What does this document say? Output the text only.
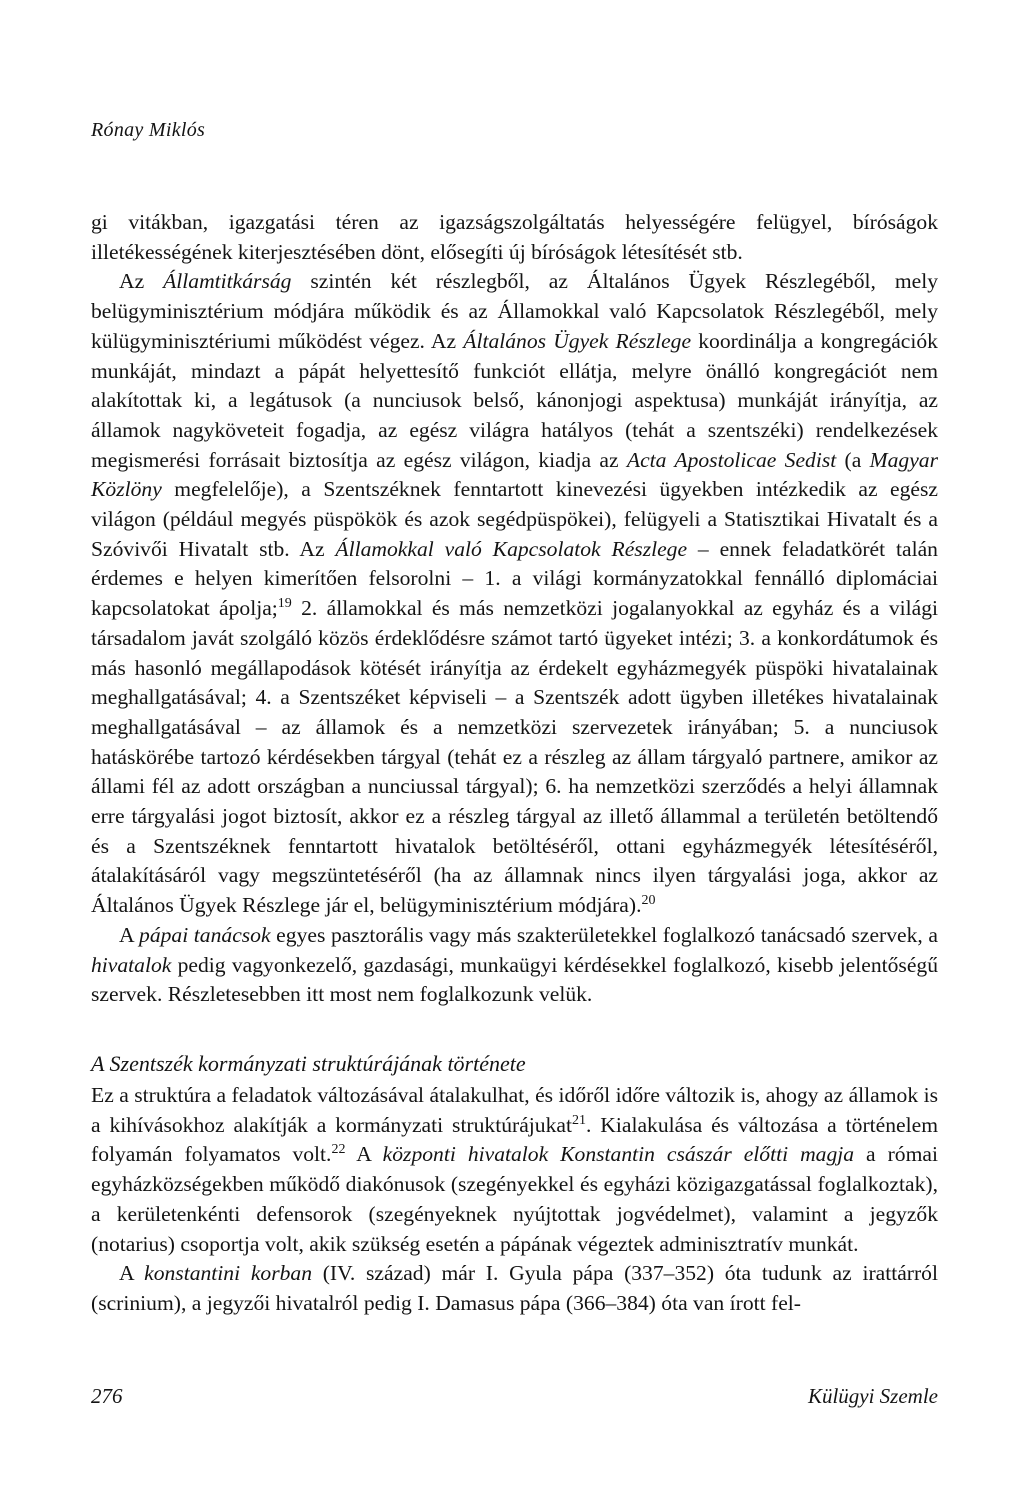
Rónay Miklós

gi vitákban, igazgatási téren az igazságszolgáltatás helyességére felügyel, bíróságok illetékességének kiterjesztésében dönt, elősegíti új bíróságok létesítését stb.
Az Államtitkárság szintén két részlegből, az Általános Ügyek Részlegéből, mely belügyminisztérium módjára működik és az Államokkal való Kapcsolatok Részlegéből, mely külügyminisztériumi működést végez. Az Általános Ügyek Részlege koordinálja a kongregációk munkáját, mindazt a pápát helyettesítő funkciót ellátja, melyre önálló kongregációt nem alakítottak ki, a legátusok (a nunciusok belső, kánonjogi aspektusa) munkáját irányítja, az államok nagyköveteit fogadja, az egész világra hatályos (tehát a szentszéki) rendelkezések megismerési forrásait biztosítja az egész világon, kiadja az Acta Apostolicae Sedist (a Magyar Közlöny megfelelője), a Szentszéknek fenntartott kinevezési ügyekben intézkedik az egész világon (például megyés püspökök és azok segédpüspökei), felügyeli a Statisztikai Hivatalt és a Szóvivői Hivatalt stb. Az Államokkal való Kapcsolatok Részlege – ennek feladatkörét talán érdemes e helyen kimerítően felsorolni – 1. a világi kormányzatokkal fennálló diplomáciai kapcsolatokat ápolja;$^{19}$ 2. államokkal és más nemzetközi jogalanyokkal az egyház és a világi társadalom javát szolgáló közös érdeklődésre számot tartó ügyeket intézi; 3. a konkordátumok és más hasonló megállapodások kötését irányítja az érdekelt egyházmegyék püspöki hivatalainak meghallgatásával; 4. a Szentszéket képviseli – a Szentszék adott ügyben illetékes hivatalainak meghallgatásával – az államok és a nemzetközi szervezetek irányában; 5. a nunciusok hatáskörébe tartozó kérdésekben tárgyal (tehát ez a részleg az állam tárgyaló partnere, amikor az állami fél az adott országban a nunciussal tárgyal); 6. ha nemzetközi szerződés a helyi államnak erre tárgyalási jogot biztosít, akkor ez a részleg tárgyal az illető állammal a területén betöltendő és a Szentszéknek fenntartott hivatalok betöltéséről, ottani egyházmegyék létesítéséről, átalakításáról vagy megszüntetéséről (ha az államnak nincs ilyen tárgyalási joga, akkor az Általános Ügyek Részlege jár el, belügyminisztérium módjára).$^{20}$

A pápai tanácsok egyes pasztorális vagy más szakterületekkel foglalkozó tanácsadó szervek, a hivatalok pedig vagyonkezelő, gazdasági, munkaügyi kérdésekkel foglalkozó, kisebb jelentőségű szervek. Részletesebben itt most nem foglalkozunk velük.

A Szentszék kormányzati struktúrájának története

Ez a struktúra a feladatok változásával átalakulhat, és időről időre változik is, ahogy az államok is a kihívásokhoz alakítják a kormányzati struktúrájukat$^{21}$. Kialakulása és változása a történelem folyamán folyamatos volt.$^{22}$ A központi hivatalok Konstantin császár előtti magja a római egyházközségekben működő diakónusok (szegényekkel és egyházi közigazgatással foglalkoztak), a kerületenkénti defensorok (szegényeknek nyújtottak jogvédelmet), valamint a jegyzők (notarius) csoportja volt, akik szükség esetén a pápának végeztek adminisztratív munkát.

A konstantini korban (IV. század) már I. Gyula pápa (337–352) óta tudunk az irattárról (scrinium), a jegyzői hivatalról pedig I. Damasus pápa (366–384) óta van írott fel-

276	Külügyi Szemle
